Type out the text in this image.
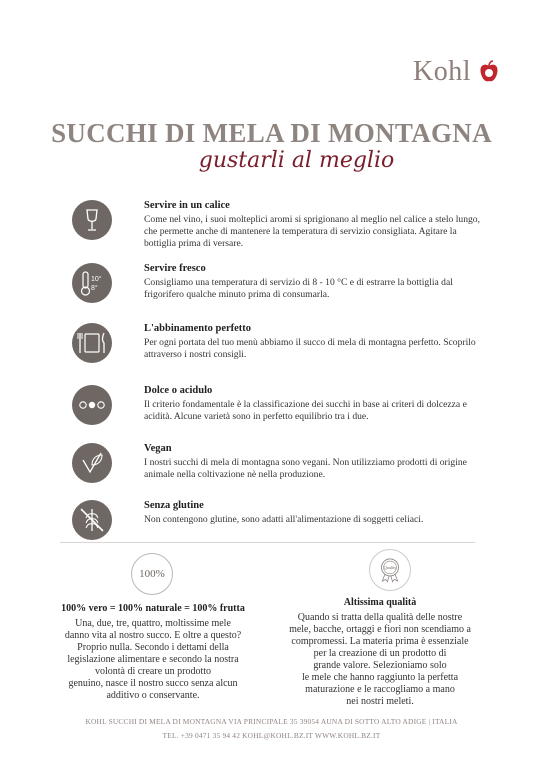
Kohl
SUCCHI DI MELA DI MONTAGNA
gustarli al meglio
Servire in un calice
Come nel vino, i suoi molteplici aromi si sprigionano al meglio nel calice a stelo lungo, che permette anche di mantenere la temperatura di servizio consigliata. Agitare la bottiglia prima di versare.
10°
8°
Servire fresco
Consigliamo una temperatura di servizio di 8 - 10 °C e di estrarre la bottiglia dal frigorifero qualche minuto prima di consumarla.
L'abbinamento perfetto
Per ogni portata del tuo menù abbiamo il succo di mela di montagna perfetto. Scoprilo attraverso i nostri consigli.
Dolce o acidulo
Il criterio fondamentale è la classificazione dei succhi in base ai criteri di dolcezza e acidità. Alcune varietà sono in perfetto equilibrio tra i due.
Vegan
I nostri succhi di mela di montagna sono vegani. Non utilizziamo prodotti di origine animale nella coltivazione nè nella produzione.
Senza glutine
Non contengono glutine, sono adatti all'alimentazione di soggetti celiaci.
100%
Quality
100% vero = 100% naturale = 100% frutta
Una, due, tre, quattro, moltissime mele
danno vita al nostro succo. E oltre a questo?
Proprio nulla. Secondo i dettami della
legislazione alimentare e secondo la nostra
volontà di creare un prodotto
genuino, nasce il nostro succo senza alcun
additivo o conservante.
Altissima qualità
Quando si tratta della qualità delle nostre
mele, bacche, ortaggi e fiori non scendiamo a
compromessi. La materia prima è essenziale
per la creazione di un prodotto di
grande valore. Selezioniamo solo
le mele che hanno raggiunto la perfetta
maturazione e le raccogliamo a mano
nei nostri meleti.
KOHL SUCCHI DI MELA DI MONTAGNA VIA PRINCIPALE 35 39054 AUNA DI SOTTO ALTO ADIGE | ITALIA
TEL. +39 0471 35 94 42 KOHL@KOHL.BZ.IT WWW.KOHL.BZ.IT
